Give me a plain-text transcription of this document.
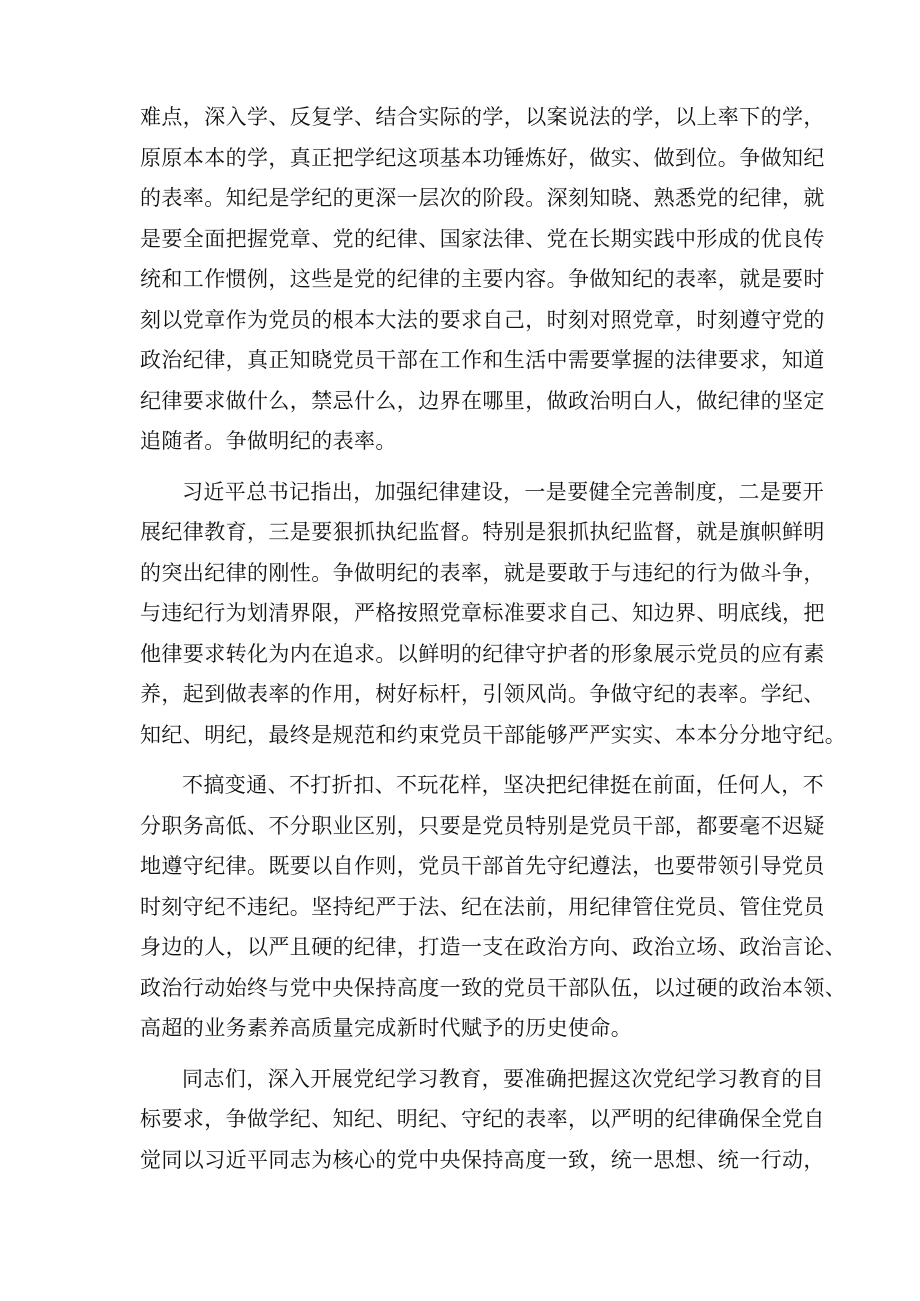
难点，深入学、反复学、结合实际的学，以案说法的学，以上率下的学，
原原本本的学，真正把学纪这项基本功锤炼好，做实、做到位。争做知纪
的表率。知纪是学纪的更深一层次的阶段。深刻知晓、熟悉党的纪律，就
是要全面把握党章、党的纪律、国家法律、党在长期实践中形成的优良传
统和工作惯例，这些是党的纪律的主要内容。争做知纪的表率，就是要时
刻以党章作为党员的根本大法的要求自己，时刻对照党章，时刻遵守党的
政治纪律，真正知晓党员干部在工作和生活中需要掌握的法律要求，知道
纪律要求做什么，禁忌什么，边界在哪里，做政治明白人，做纪律的坚定
追随者。争做明纪的表率。

习近平总书记指出，加强纪律建设，一是要健全完善制度，二是要开
展纪律教育，三是要狠抓执纪监督。特别是狠抓执纪监督，就是旗帜鲜明
的突出纪律的刚性。争做明纪的表率，就是要敢于与违纪的行为做斗争，
与违纪行为划清界限，严格按照党章标准要求自己、知边界、明底线，把
他律要求转化为内在追求。以鲜明的纪律守护者的形象展示党员的应有素
养，起到做表率的作用，树好标杆，引领风尚。争做守纪的表率。学纪、
知纪、明纪，最终是规范和约束党员干部能够严严实实、本本分分地守纪。

不搞变通、不打折扣、不玩花样，坚决把纪律挺在前面，任何人，不
分职务高低、不分职业区别，只要是党员特别是党员干部，都要毫不迟疑
地遵守纪律。既要以自作则，党员干部首先守纪遵法，也要带领引导党员
时刻守纪不违纪。坚持纪严于法、纪在法前，用纪律管住党员、管住党员
身边的人，以严且硬的纪律，打造一支在政治方向、政治立场、政治言论、
政治行动始终与党中央保持高度一致的党员干部队伍，以过硬的政治本领、
高超的业务素养高质量完成新时代赋予的历史使命。

同志们，深入开展党纪学习教育，要准确把握这次党纪学习教育的目
标要求，争做学纪、知纪、明纪、守纪的表率，以严明的纪律确保全党自
觉同以习近平同志为核心的党中央保持高度一致，统一思想、统一行动，
